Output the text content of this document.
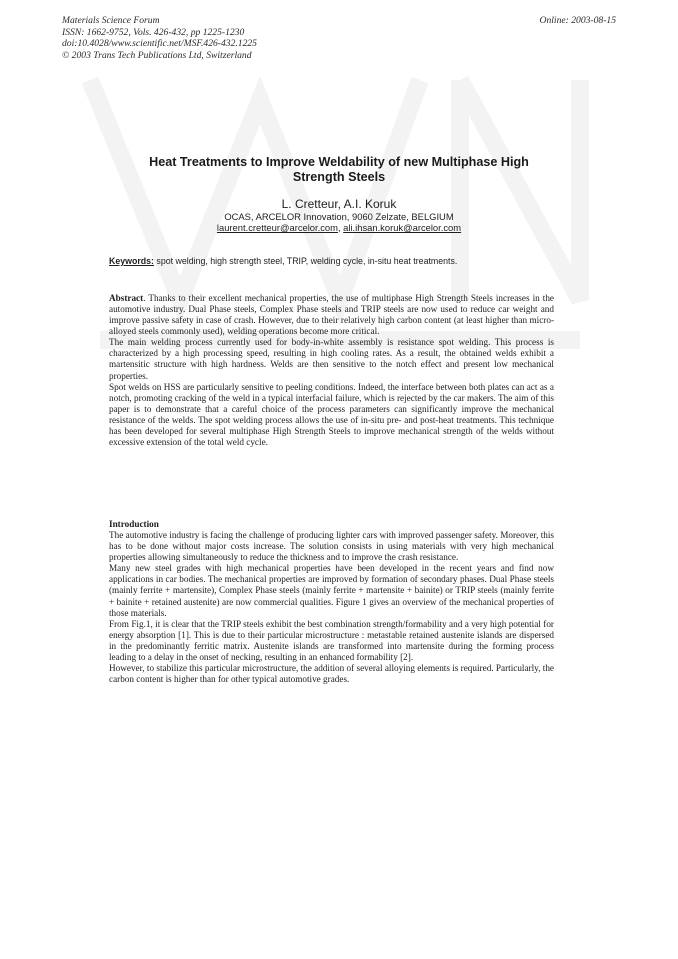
Materials Science Forum
ISSN: 1662-9752, Vols. 426-432, pp 1225-1230
doi:10.4028/www.scientific.net/MSF.426-432.1225
© 2003 Trans Tech Publications Ltd, Switzerland
Online: 2003-08-15
Heat Treatments to Improve Weldability of new Multiphase High
Strength Steels
L. Cretteur, A.I. Koruk
OCAS, ARCELOR Innovation, 9060 Zelzate, BELGIUM
laurent.cretteur@arcelor.com, ali.ihsan.koruk@arcelor.com
Keywords: spot welding, high strength steel, TRIP, welding cycle, in-situ heat treatments.

Abstract. Thanks to their excellent mechanical properties, the use of multiphase High Strength Steels increases in the automotive industry. Dual Phase steels, Complex Phase steels and TRIP steels are now used to reduce car weight and improve passive safety in case of crash. However, due to their relatively high carbon content (at least higher than micro-alloyed steels commonly used), welding operations become more critical.

The main welding process currently used for body-in-white assembly is resistance spot welding. This process is characterized by a high processing speed, resulting in high cooling rates. As a result, the obtained welds exhibit a martensitic structure with high hardness. Welds are then sensitive to the notch effect and present low mechanical properties.

Spot welds on HSS are particularly sensitive to peeling conditions. Indeed, the interface between both plates can act as a notch, promoting cracking of the weld in a typical interfacial failure, which is rejected by the car makers. The aim of this paper is to demonstrate that a careful choice of the process parameters can significantly improve the mechanical resistance of the welds. The spot welding process allows the use of in-situ pre- and post-heat treatments. This technique has been developed for several multiphase High Strength Steels to improve mechanical strength of the welds without excessive extension of the total weld cycle.

Introduction

The automotive industry is facing the challenge of producing lighter cars with improved passenger safety. Moreover, this has to be done without major costs increase. The solution consists in using materials with very high mechanical properties allowing simultaneously to reduce the thickness and to improve the crash resistance.

Many new steel grades with high mechanical properties have been developed in the recent years and find now applications in car bodies. The mechanical properties are improved by formation of secondary phases. Dual Phase steels (mainly ferrite + martensite), Complex Phase steels (mainly ferrite + martensite + bainite) or TRIP steels (mainly ferrite + bainite + retained austenite) are now commercial qualities. Figure 1 gives an overview of the mechanical properties of those materials.

From Fig.1, it is clear that the TRIP steels exhibit the best combination strength/formability and a very high potential for energy absorption [1]. This is due to their particular microstructure : metastable retained austenite islands are dispersed in the predominantly ferritic matrix. Austenite islands are transformed into martensite during the forming process leading to a delay in the onset of necking, resulting in an enhanced formability [2].

However, to stabilize this particular microstructure, the addition of several alloying elements is required. Particularly, the carbon content is higher than for other typical automotive grades.
